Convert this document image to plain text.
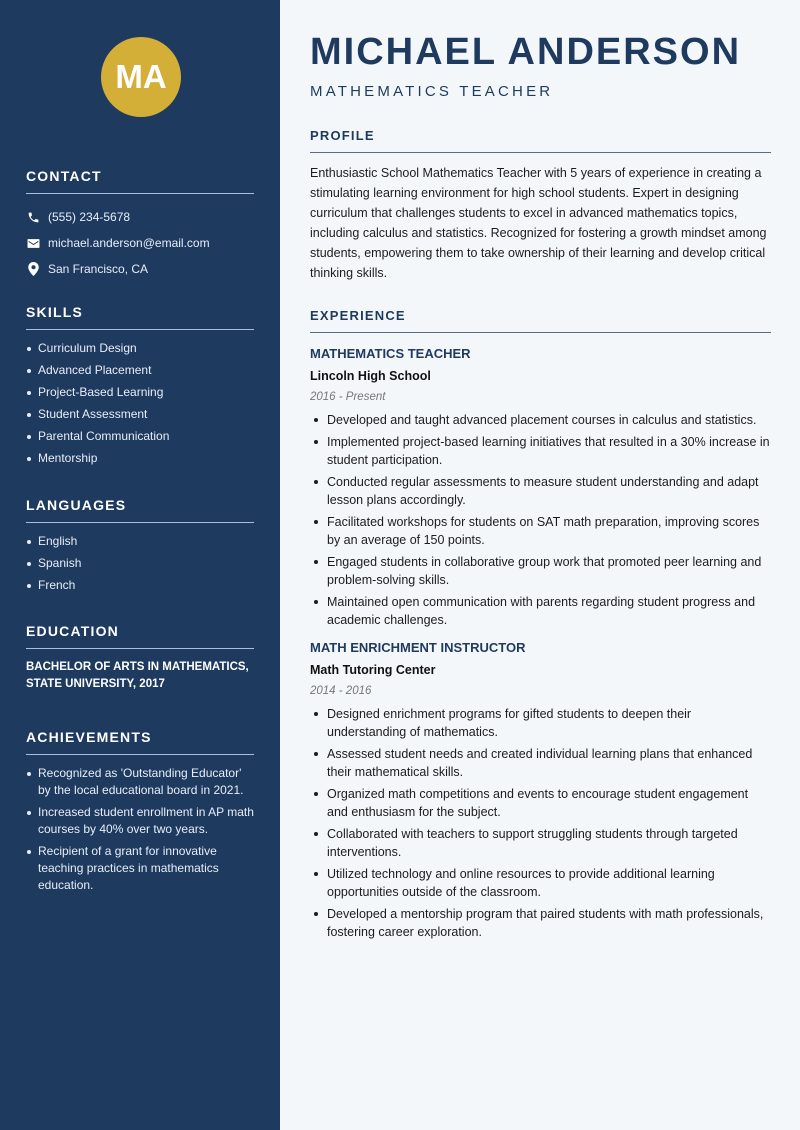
MA
CONTACT
(555) 234-5678
michael.anderson@email.com
San Francisco, CA
SKILLS
Curriculum Design
Advanced Placement
Project-Based Learning
Student Assessment
Parental Communication
Mentorship
LANGUAGES
English
Spanish
French
EDUCATION

BACHELOR OF ARTS IN MATHEMATICS, STATE UNIVERSITY, 2017

ACHIEVEMENTS
Recognized as 'Outstanding Educator' by the local educational board in 2021.
Increased student enrollment in AP math courses by 40% over two years.
Recipient of a grant for innovative teaching practices in mathematics education.
MICHAEL ANDERSON
MATHEMATICS TEACHER
PROFILE

Enthusiastic School Mathematics Teacher with 5 years of experience in creating a stimulating learning environment for high school students. Expert in designing curriculum that challenges students to excel in advanced mathematics topics, including calculus and statistics. Recognized for fostering a growth mindset among students, empowering them to take ownership of their learning and develop critical thinking skills.

EXPERIENCE
MATHEMATICS TEACHER
Lincoln High School
2016 - Present
Developed and taught advanced placement courses in calculus and statistics.
Implemented project-based learning initiatives that resulted in a 30% increase in student participation.
Conducted regular assessments to measure student understanding and adapt lesson plans accordingly.
Facilitated workshops for students on SAT math preparation, improving scores by an average of 150 points.
Engaged students in collaborative group work that promoted peer learning and problem-solving skills.
Maintained open communication with parents regarding student progress and academic challenges.
MATH ENRICHMENT INSTRUCTOR
Math Tutoring Center
2014 - 2016
Designed enrichment programs for gifted students to deepen their understanding of mathematics.
Assessed student needs and created individual learning plans that enhanced their mathematical skills.
Organized math competitions and events to encourage student engagement and enthusiasm for the subject.
Collaborated with teachers to support struggling students through targeted interventions.
Utilized technology and online resources to provide additional learning opportunities outside of the classroom.
Developed a mentorship program that paired students with math professionals, fostering career exploration.
